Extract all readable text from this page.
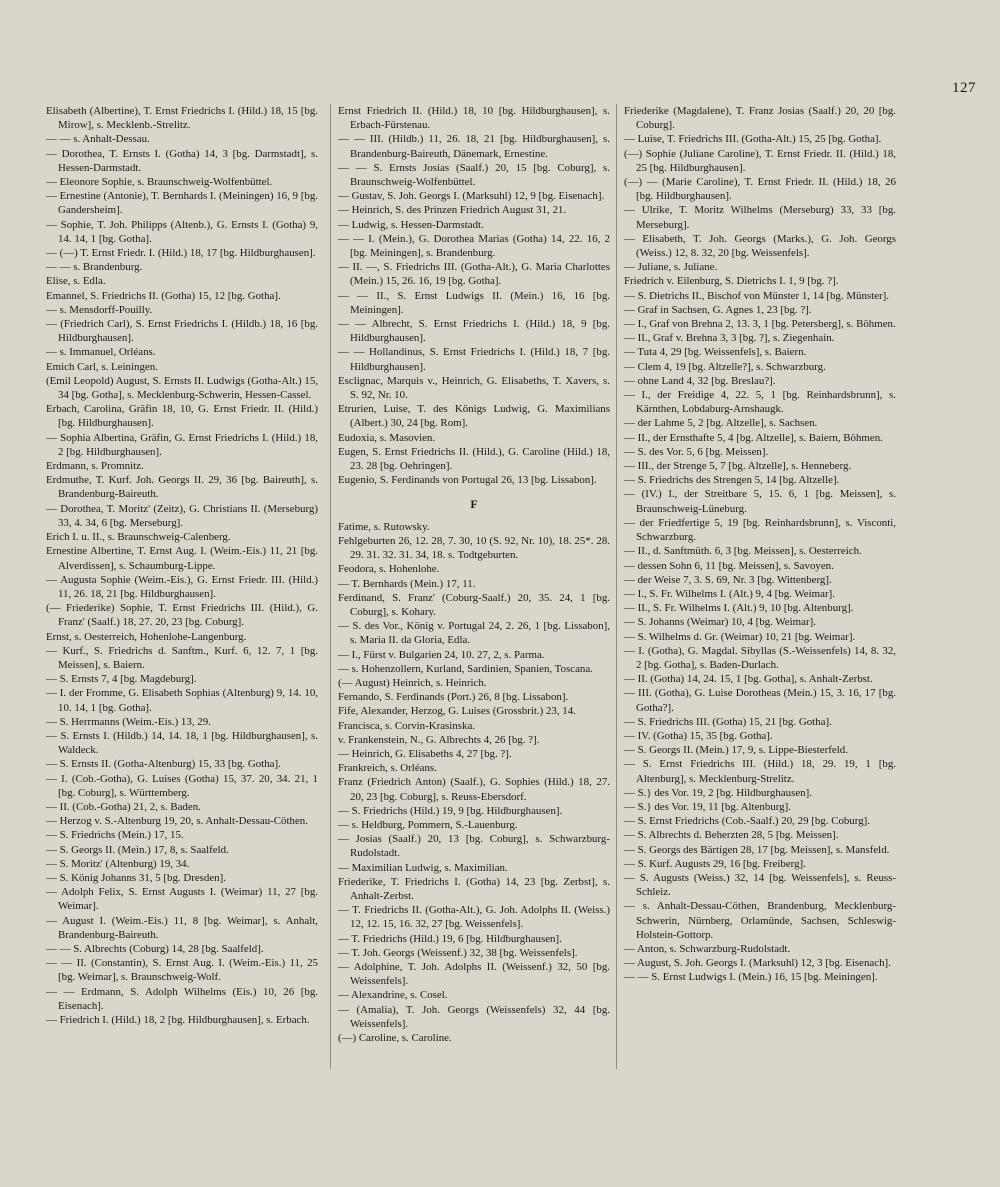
127
Elisabeth (Albertine), T. Ernst Friedrichs I. (Hild.) 18, 15 [bg. Mirow], s. Mecklenb.-Strelitz.
— — s. Anhalt-Dessau.
— Dorothea, T. Ernsts I. (Gotha) 14, 3 [bg. Darmstadt], s. Hessen-Darmstadt.
— Eleonore Sophie, s. Braunschweig-Wolfenbüttel.
— Ernestine (Antonie), T. Bernhards I. (Meiningen) 16, 9 [bg. Gandersheim].
— Sophie, T. Joh. Philipps (Altenb.), G. Ernsts I. (Gotha) 9, 14. 14, 1 [bg. Gotha].
— (—) T. Ernst Friedr. I. (Hild.) 18, 17 [bg. Hildburghausen].
— — s. Brandenburg.
Elise, s. Edla.
Emannel, S. Friedrichs II. (Gotha) 15, 12 [bg. Gotha].
— s. Mensdorff-Pouilly.
— (Friedrich Carl), S. Ernst Friedrichs I. (Hildb.) 18, 16 [bg. Hildburghausen].
— s. Immanuel, Orléans.
Emich Carl, s. Leiningen.
(Emil Leopold) August, S. Ernsts II. Ludwigs (Gotha-Alt.) 15, 34 [bg. Gotha], s. Mecklenburg-Schwerin, Hessen-Cassel.
Erbach, Carolina, Gräfin 18, 10, G. Ernst Friedr. II. (Hild.) [bg. Hildburghausen].
— Sophia Albertina, Gräfin, G. Ernst Friedrichs I. (Hild.) 18, 2 [bg. Hildburghausen].
Erdmann, s. Promnitz.
Erdmuthe, T. Kurf. Joh. Georgs II. 29, 36 [bg. Baireuth], s. Brandenburg-Baireuth.
— Dorothea, T. Moritz' (Zeitz), G. Christians II. (Merseburg) 33, 4. 34, 6 [bg. Merseburg].
Erich I. u. II., s. Braunschweig-Calenberg.
Ernestine Albertine, T. Ernst Aug. I. (Weim.-Eis.) 11, 21 [bg. Alverdissen], s. Schaumburg-Lippe.
— Augusta Sophie (Weim.-Eis.), G. Ernst Friedr. III. (Hild.) 11, 26. 18, 21 [bg. Hildburghausen].
(— Friederike) Sophie, T. Ernst Friedrichs III. (Hild.), G. Franz' (Saalf.) 18, 27. 20, 23 [bg. Coburg].
Ernst, s. Oesterreich, Hohenlohe-Langenburg.
— Kurf., S. Friedrichs d. Sanftm., Kurf. 6, 12. 7, 1 [bg. Meissen], s. Baiern.
— S. Ernsts 7, 4 [bg. Magdeburg].
— I. der Fromme, G. Elisabeth Sophias (Altenburg) 9, 14. 10, 10. 14, 1 [bg. Gotha].
— S. Herrmanns (Weim.-Eis.) 13, 29.
— S. Ernsts I. (Hildb.) 14, 14. 18, 1 [bg. Hildburghausen], s. Waldeck.
— S. Ernsts II. (Gotha-Altenburg) 15, 33 [bg. Gotha].
— I. (Cob.-Gotha), G. Luises (Gotha) 15, 37. 20, 34. 21, 1 [bg. Coburg], s. Württemberg.
— II. (Cob.-Gotha) 21, 2, s. Baden.
— Herzog v. S.-Altenburg 19, 20, s. Anhalt-Dessau-Cöthen.
— S. Friedrichs (Mein.) 17, 15.
— S. Georgs II. (Mein.) 17, 8, s. Saalfeld.
— S. Moritz' (Altenburg) 19, 34.
— S. König Johanns 31, 5 [bg. Dresden].
— Adolph Felix, S. Ernst Augusts I. (Weimar) 11, 27 [bg. Weimar].
— August I. (Weim.-Eis.) 11, 8 [bg. Weimar], s. Anhalt, Brandenburg-Baireuth.
— — S. Albrechts (Coburg) 14, 28 [bg. Saalfeld].
— — II. (Constantin), S. Ernst Aug. I. (Weim.-Eis.) 11, 25 [bg. Weimar], s. Braunschweig-Wolf.
— — Erdmann, S. Adolph Wilhelms (Eis.) 10, 26 [bg. Eisenach].
— Friedrich I. (Hild.) 18, 2 [bg. Hildburghausen], s. Erbach.
Ernst Friedrich II. (Hild.) 18, 10 [bg. Hildburghausen], s. Erbach-Fürstenau.
— — III. (Hildb.) 11, 26. 18, 21 [bg. Hildburghausen], s. Brandenburg-Baireuth, Dänemark, Ernestine.
— — S. Ernsts Josias (Saalf.) 20, 15 [bg. Coburg], s. Braunschweig-Wolfenbüttel.
— Gustav, S. Joh. Georgs I. (Marksuhl) 12, 9 [bg. Eisenach].
— Heinrich, S. des Prinzen Friedrich August 31, 21.
— Ludwig, s. Hessen-Darmstadt.
— — I. (Mein.), G. Dorothea Marias (Gotha) 14, 22. 16, 2 [bg. Meiningen], s. Brandenburg.
— II. —, S. Friedrichs III. (Gotha-Alt.), G. Maria Charlottes (Mein.) 15, 26. 16, 19 [bg. Gotha].
— — II., S. Ernst Ludwigs II. (Mein.) 16, 16 [bg. Meiningen].
— — Albrecht, S. Ernst Friedrichs I. (Hild.) 18, 9 [bg. Hildburghausen].
— — Hollandinus, S. Ernst Friedrichs I. (Hild.) 18, 7 [bg. Hildburghausen].
Esclignac, Marquis v., Heinrich, G. Elisabeths, T. Xavers, s. S. 92, Nr. 10.
Etrurien, Luise, T. des Königs Ludwig, G. Maximilians (Albert.) 30, 24 [bg. Rom].
Eudoxia, s. Masovien.
Eugen, S. Ernst Friedrichs II. (Hild.), G. Caroline (Hild.) 18, 23. 28 [bg. Oehringen].
Eugenio, S. Ferdinands von Portugal 26, 13 [bg. Lissabon].
F
Fatime, s. Rutowsky.
Fehlgeburten 26, 12. 28, 7. 30, 10 (S. 92, Nr. 10), 18. 25*. 28. 29. 31. 32. 31. 34, 18. s. Todtgeburten.
Feodora, s. Hohenlohe.
— T. Bernhards (Mein.) 17, 11.
Ferdinand, S. Franz' (Coburg-Saalf.) 20, 35. 24, 1 [bg. Coburg], s. Kohary.
— S. des Vor., König v. Portugal 24, 2. 26, 1 [bg. Lissabon], s. Maria II. da Gloria, Edla.
— I., Fürst v. Bulgarien 24, 10. 27, 2, s. Parma.
— s. Hohenzollern, Kurland, Sardinien, Spanien, Toscana.
(— August) Heinrich, s. Heinrich.
Fernando, S. Ferdinands (Port.) 26, 8 [bg. Lissabon].
Fife, Alexander, Herzog, G. Luises (Grossbrit.) 23, 14.
Francisca, s. Corvin-Krasinska.
v. Frankenstein, N., G. Albrechts 4, 26 [bg. ?].
— Heinrich, G. Elisabeths 4, 27 [bg. ?].
Frankreich, s. Orléans.
Franz (Friedrich Anton) (Saalf.), G. Sophies (Hild.) 18, 27. 20, 23 [bg. Coburg], s. Reuss-Ebersdorf.
— S. Friedrichs (Hild.) 19, 9 [bg. Hildburghausen].
— s. Heldburg, Pommern, S.-Lauenburg.
— Josias (Saalf.) 20, 13 [bg. Coburg], s. Schwarzburg-Rudolstadt.
— Maximilian Ludwig, s. Maximilian.
Friederike, T. Friedrichs I. (Gotha) 14, 23 [bg. Zerbst], s. Anhalt-Zerbst.
— T. Friedrichs II. (Gotha-Alt.), G. Joh. Adolphs II. (Weiss.) 12, 12. 15, 16. 32, 27 [bg. Weissenfels].
— T. Friedrichs (Hild.) 19, 6 [bg. Hildburghausen].
— T. Joh. Georgs (Weissenf.) 32, 38 [bg. Weissenfels].
— Adolphine, T. Joh. Adolphs II. (Weissenf.) 32, 50 [bg. Weissenfels].
— Alexandrine, s. Cosel.
— (Amalia), T. Joh. Georgs (Weissenfels) 32, 44 [bg. Weissenfels].
(—) Caroline, s. Caroline.
Friederike (Magdalene), T. Franz Josias (Saalf.) 20, 20 [bg. Coburg].
— Luise, T. Friedrichs III. (Gotha-Alt.) 15, 25 [bg. Gotha].
(—) Sophie (Juliane Caroline), T. Ernst Friedr. II. (Hild.) 18, 25 [bg. Hildburghausen].
(—) — (Marie Caroline), T. Ernst Friedr. II. (Hild.) 18, 26 [bg. Hildburghausen].
— Ulrike, T. Moritz Wilhelms (Merseburg) 33, 33 [bg. Merseburg].
— Elisabeth, T. Joh. Georgs (Marks.), G. Joh. Georgs (Weiss.) 12, 8. 32, 20 [bg. Weissenfels].
— Juliane, s. Juliane.
Friedrich v. Eilenburg, S. Dietrichs I. 1, 9 [bg. ?].
— S. Dietrichs II., Bischof von Münster 1, 14 [bg. Münster].
— Graf in Sachsen, G. Agnes 1, 23 [bg. ?].
— I., Graf von Brehna 2, 13. 3, 1 [bg. Petersberg], s. Böhmen.
— II., Graf v. Brehna 3, 3 [bg. ?], s. Ziegenhain.
— Tuta 4, 29 [bg. Weissenfels], s. Baiern.
— Clem 4, 19 [bg. Altzelle?], s. Schwarzburg.
— ohne Land 4, 32 [bg. Breslau?].
— I., der Freidige 4, 22. 5, 1 [bg. Reinhardsbrunn], s. Kärnthen, Lobdaburg-Arnshaugk.
— der Lahme 5, 2 [bg. Altzelle], s. Sachsen.
— II., der Ernsthafte 5, 4 [bg. Altzelle], s. Baiern, Böhmen.
— S. des Vor. 5, 6 [bg. Meissen].
— III., der Strenge 5, 7 [bg. Altzelle], s. Henneberg.
— S. Friedrichs des Strengen 5, 14 [bg. Altzelle].
— (IV.) I., der Streitbare 5, 15. 6, 1 [bg. Meissen], s. Braunschweig-Lüneburg.
— der Friedfertige 5, 19 [bg. Reinhardsbrunn], s. Visconti, Schwarzburg.
— II., d. Sanftmüth. 6, 3 [bg. Meissen], s. Oesterreich.
— dessen Sohn 6, 11 [bg. Meissen], s. Savoyen.
— der Weise 7, 3. S. 69, Nr. 3 [bg. Wittenberg].
— I., S. Fr. Wilhelms I. (Alt.) 9, 4 [bg. Weimar].
— II., S. Fr. Wilhelms I. (Alt.) 9, 10 [bg. Altenburg].
— S. Johanns (Weimar) 10, 4 [bg. Weimar].
— S. Wilhelms d. Gr. (Weimar) 10, 21 [bg. Weimar].
— I. (Gotha), G. Magdal. Sibyllas (S.-Weissenfels) 14, 8. 32, 2 [bg. Gotha], s. Baden-Durlach.
— II. (Gotha) 14, 24. 15, 1 [bg. Gotha], s. Anhalt-Zerbst.
— III. (Gotha), G. Luise Dorotheas (Mein.) 15, 3. 16, 17 [bg. Gotha?].
— S. Friedrichs III. (Gotha) 15, 21 [bg. Gotha].
— IV. (Gotha) 15, 35 [bg. Gotha].
— S. Georgs II. (Mein.) 17, 9, s. Lippe-Biesterfeld.
— S. Ernst Friedrichs III. (Hild.) 18, 29. 19, 1 [bg. Altenburg], s. Mecklenburg-Strelitz.
— S.} des Vor. 19, 2 [bg. Hildburghausen].
— S.} des Vor. 19, 11 [bg. Altenburg].
— S. Ernst Friedrichs (Cob.-Saalf.) 20, 29 [bg. Coburg].
— S. Albrechts d. Beherzten 28, 5 [bg. Meissen].
— S. Georgs des Bärtigen 28, 17 [bg. Meissen], s. Mansfeld.
— S. Kurf. Augusts 29, 16 [bg. Freiberg].
— S. Augusts (Weiss.) 32, 14 [bg. Weissenfels], s. Reuss-Schleiz.
— s. Anhalt-Dessau-Cöthen, Brandenburg, Mecklenburg-Schwerin, Nürnberg, Orlamünde, Sachsen, Schleswig-Holstein-Gottorp.
— Anton, s. Schwarzburg-Rudolstadt.
— August, S. Joh. Georgs I. (Marksuhl) 12, 3 [bg. Eisenach].
— — S. Ernst Ludwigs I. (Mein.) 16, 15 [bg. Meiningen].
